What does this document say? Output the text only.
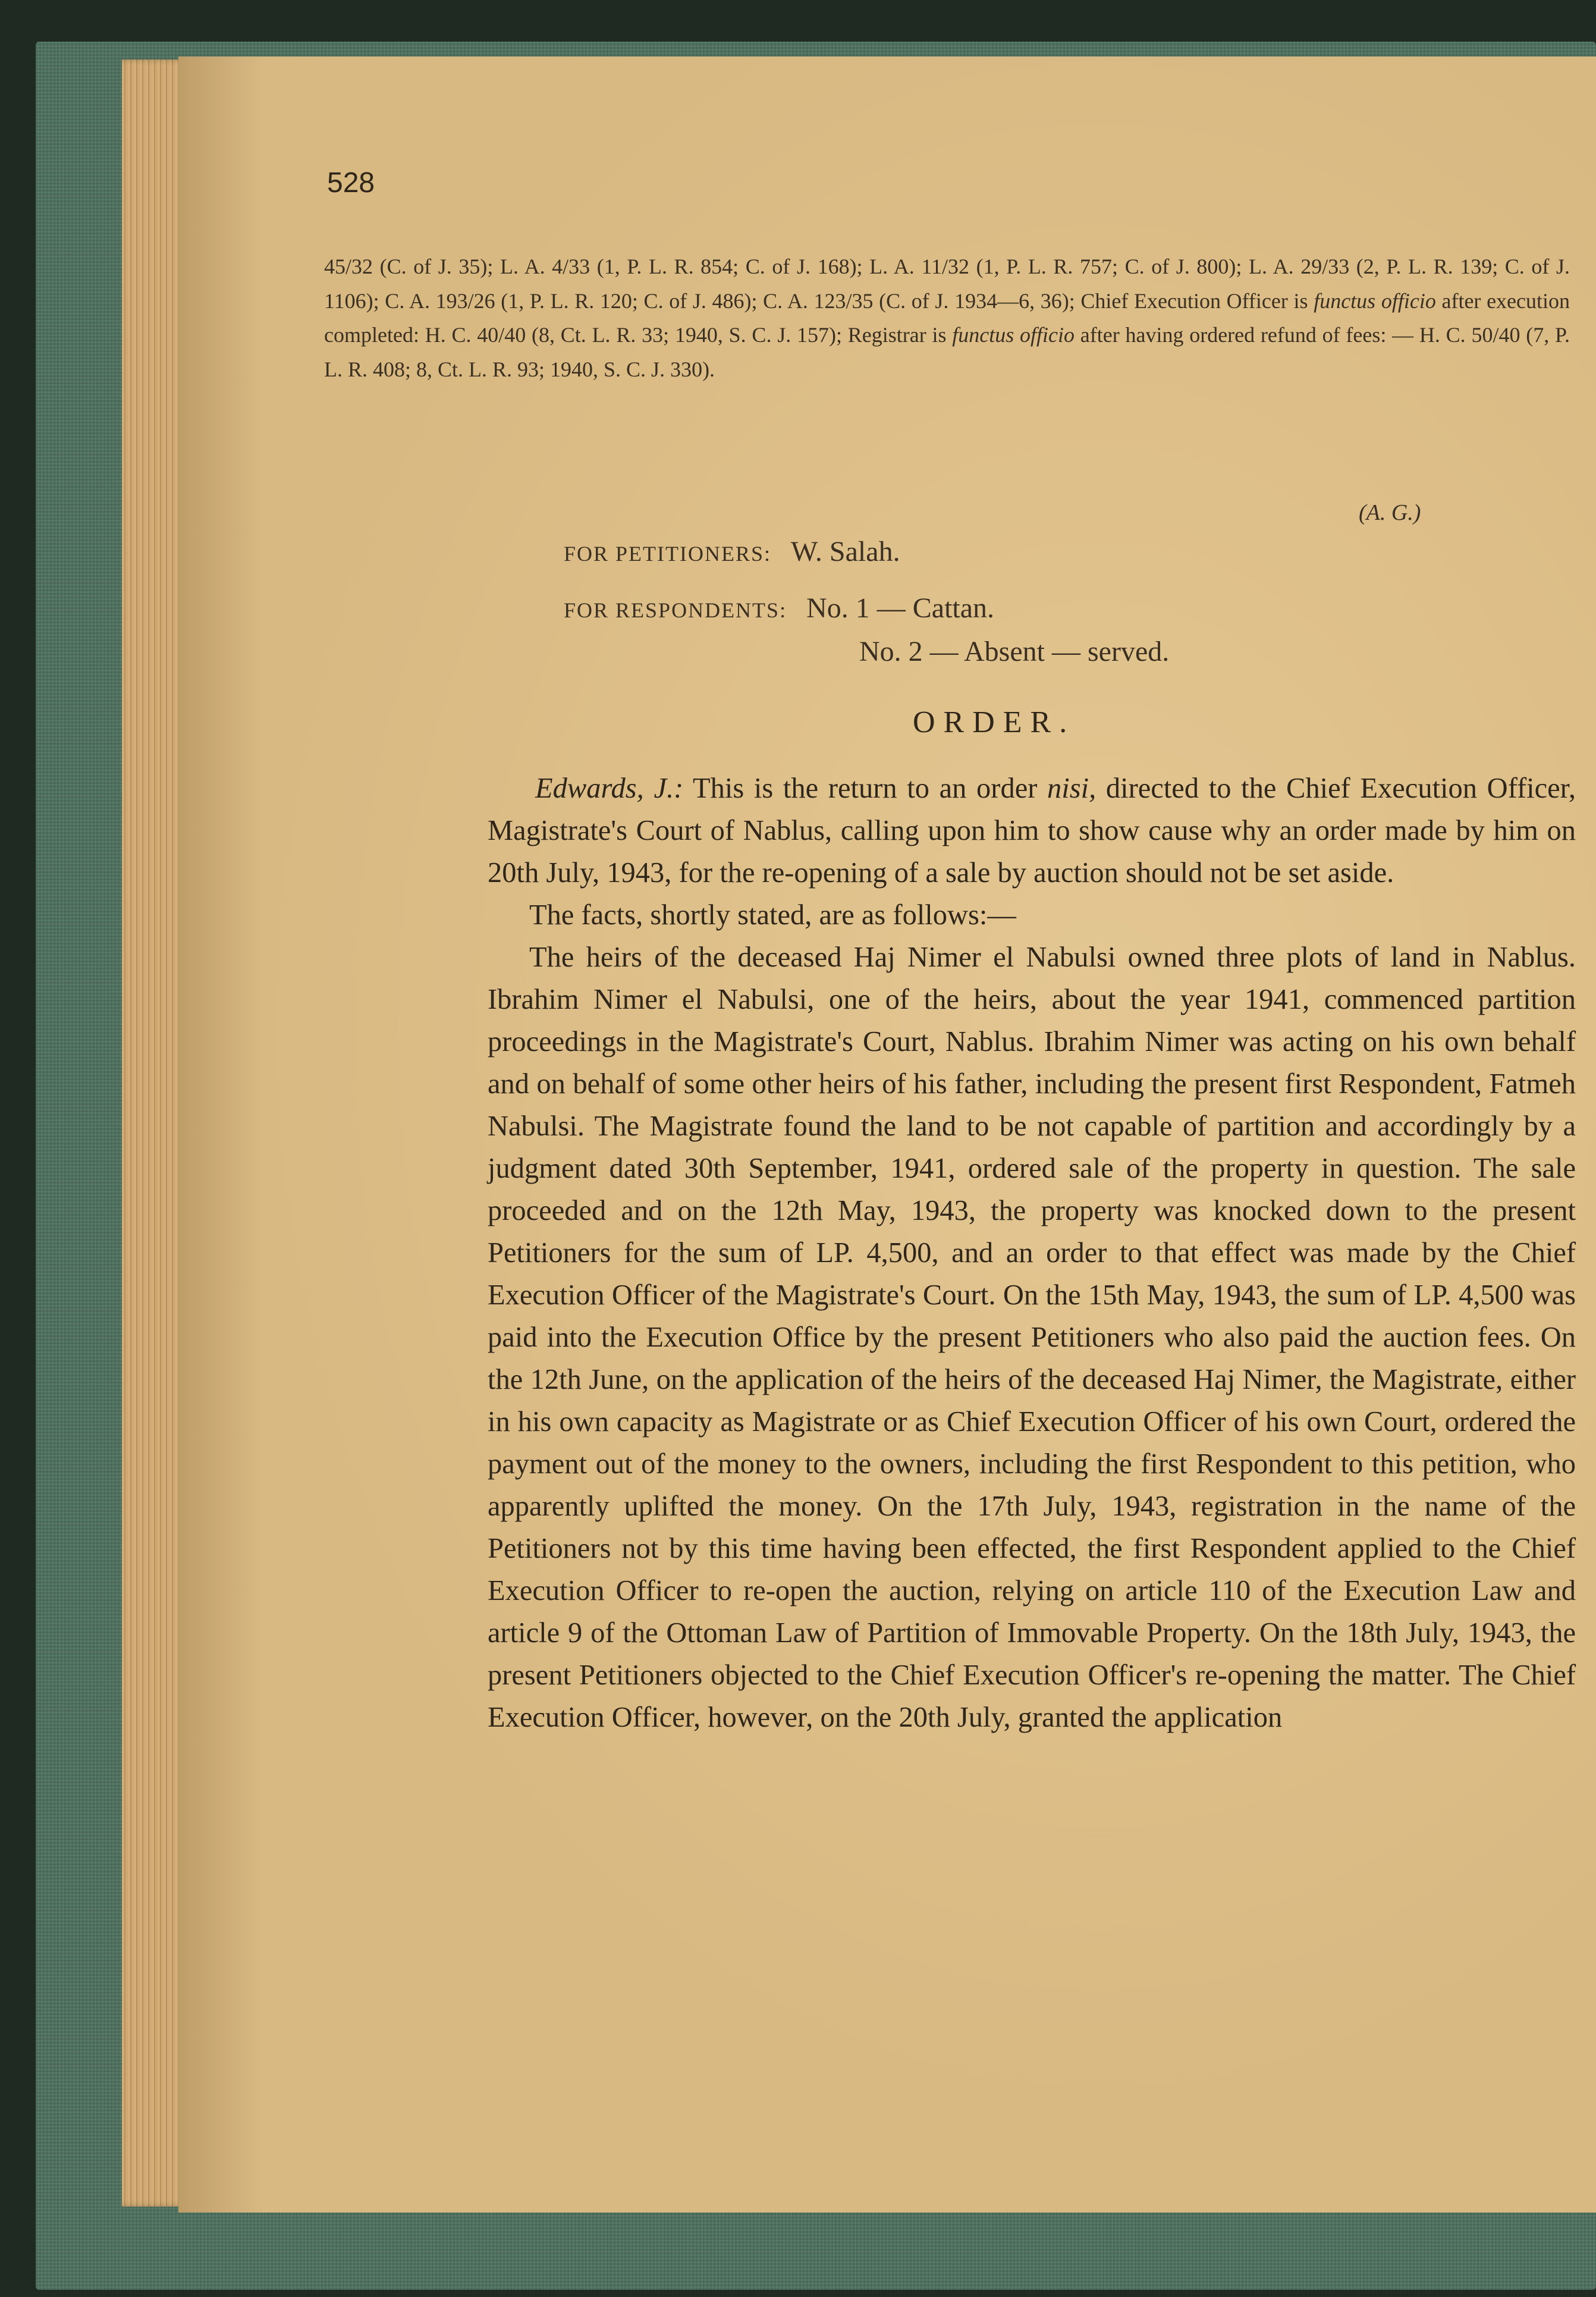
528

45/32 (C. of J. 35); L. A. 4/33 (1, P. L. R. 854; C. of J. 168); L. A. 11/32 (1, P. L. R. 757; C. of J. 800); L. A. 29/33 (2, P. L. R. 139; C. of J. 1106); C. A. 193/26 (1, P. L. R. 120; C. of J. 486); C. A. 123/35 (C. of J. 1934—6, 36); Chief Execution Officer is functus officio after execution completed: H. C. 40/40 (8, Ct. L. R. 33; 1940, S. C. J. 157); Registrar is functus officio after having ordered refund of fees: — H. C. 50/40 (7, P. L. R. 408; 8, Ct. L. R. 93; 1940, S. C. J. 330).

(A. G.)
FOR PETITIONERS: W. Salah.
FOR RESPONDENTS: No. 1 — Cattan.
No. 2 — Absent — served.

ORDER.

Edwards, J.: This is the return to an order nisi, directed to the Chief Execution Officer, Magistrate's Court of Nablus, calling upon him to show cause why an order made by him on 20th July, 1943, for the re-opening of a sale by auction should not be set aside.

The facts, shortly stated, are as follows:—

The heirs of the deceased Haj Nimer el Nabulsi owned three plots of land in Nablus. Ibrahim Nimer el Nabulsi, one of the heirs, about the year 1941, commenced partition proceedings in the Magistrate's Court, Nablus. Ibrahim Nimer was acting on his own behalf and on behalf of some other heirs of his father, including the present first Respondent, Fatmeh Nabulsi. The Magistrate found the land to be not capable of partition and accordingly by a judgment dated 30th September, 1941, ordered sale of the property in question. The sale proceeded and on the 12th May, 1943, the property was knocked down to the present Petitioners for the sum of LP. 4,500, and an order to that effect was made by the Chief Execution Officer of the Magistrate's Court. On the 15th May, 1943, the sum of LP. 4,500 was paid into the Execution Office by the present Petitioners who also paid the auction fees. On the 12th June, on the application of the heirs of the deceased Haj Nimer, the Magistrate, either in his own capacity as Magistrate or as Chief Execution Officer of his own Court, ordered the payment out of the money to the owners, including the first Respondent to this petition, who apparently uplifted the money. On the 17th July, 1943, registration in the name of the Petitioners not by this time having been effected, the first Respondent applied to the Chief Execution Officer to re-open the auction, relying on article 110 of the Execution Law and article 9 of the Ottoman Law of Partition of Immovable Property. On the 18th July, 1943, the present Petitioners objected to the Chief Execution Officer's re-opening the matter. The Chief Execution Officer, however, on the 20th July, granted the application
